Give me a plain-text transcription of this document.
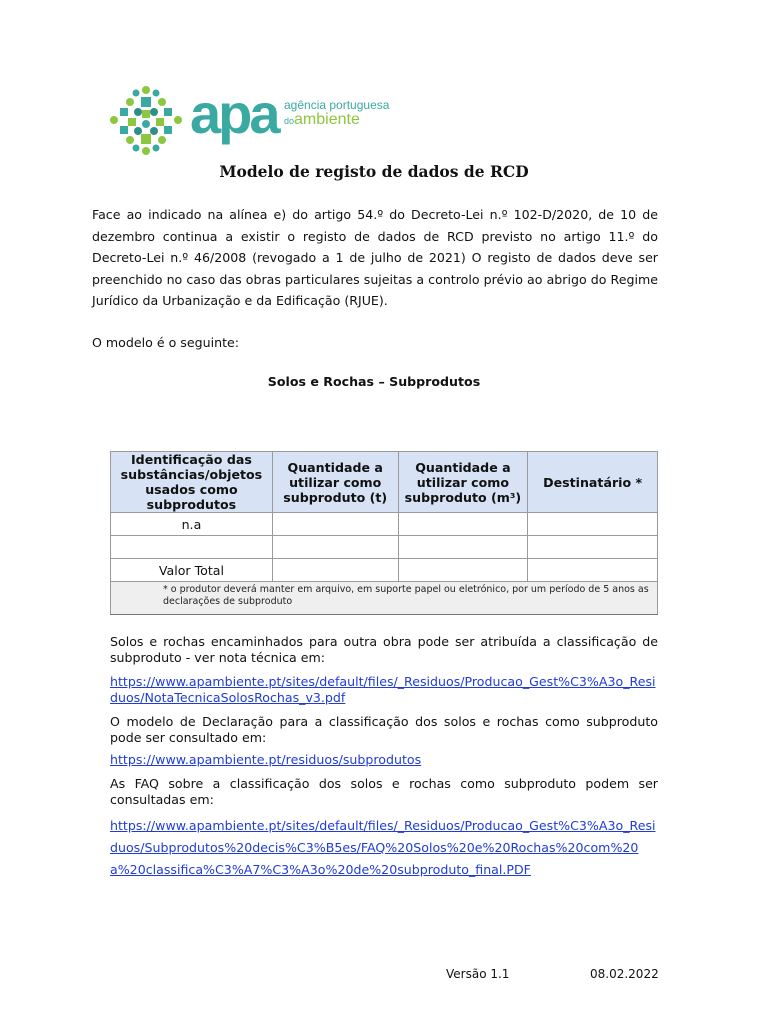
apa agência portuguesa
doambiente
Modelo de registo de dados de RCD
Face ao indicado na alínea e) do artigo 54.º do Decreto-Lei n.º 102-D/2020, de 10 de dezembro continua a existir o registo de dados de RCD previsto no artigo 11.º do Decreto-Lei n.º 46/2008 (revogado a 1 de julho de 2021) O registo de dados deve ser preenchido no caso das obras particulares sujeitas a controlo prévio ao abrigo do Regime Jurídico da Urbanização e da Edificação (RJUE).
O modelo é o seguinte:
Solos e Rochas – Subprodutos
Identificação das substâncias/objetos usados como subprodutos	Quantidade a utilizar como subproduto (t)	Quantidade a utilizar como subproduto (m³)	Destinatário *
n.a			

Valor Total			
* o produtor deverá manter em arquivo, em suporte papel ou eletrónico, por um período de 5 anos as declarações de subproduto			
Solos e rochas encaminhados para outra obra pode ser atribuída a classificação de subproduto - ver nota técnica em:
https://www.apambiente.pt/sites/default/files/_Residuos/Producao_Gest%C3%A3o_Residuos/NotaTecnicaSolosRochas_v3.pdf
O modelo de Declaração para a classificação dos solos e rochas como subproduto pode ser consultado em:
https://www.apambiente.pt/residuos/subprodutos
As FAQ sobre a classificação dos solos e rochas como subproduto podem ser consultadas em:
https://www.apambiente.pt/sites/default/files/_Residuos/Producao_Gest%C3%A3o_Residuos/Subprodutos%20decis%C3%B5es/FAQ%20Solos%20e%20Rochas%20com%20a%20classifica%C3%A7%C3%A3o%20de%20subproduto_final.PDF
Versão 1.1	08.02.2022
